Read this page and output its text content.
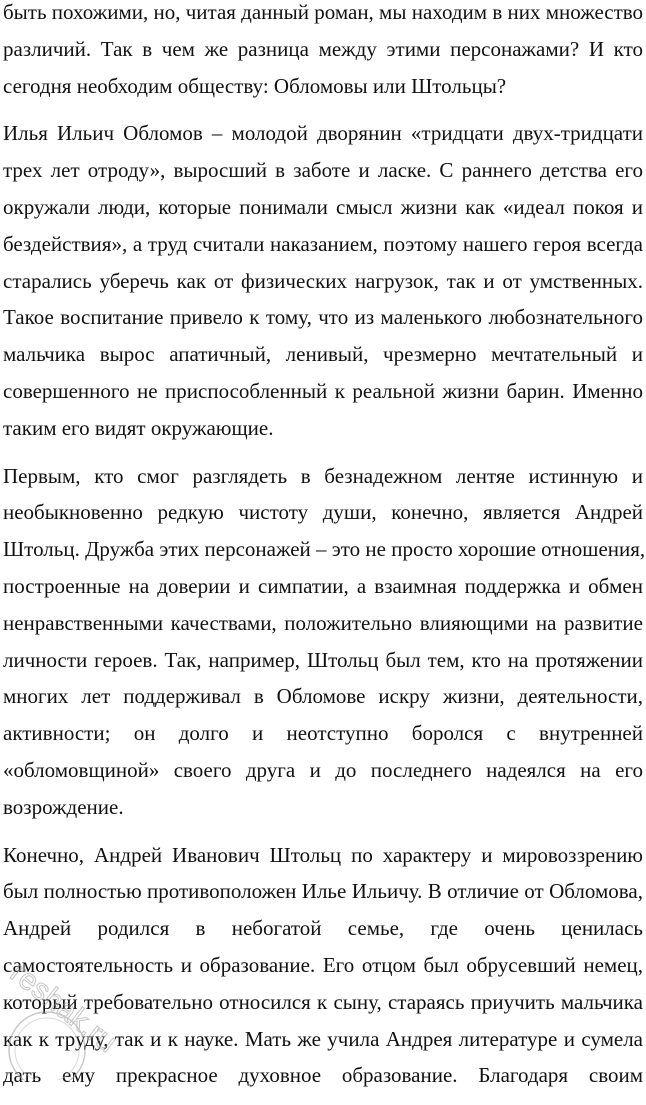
быть похожими, но, читая данный роман, мы находим в них множество
различий. Так в чем же разница между этими персонажами? И кто
сегодня необходим обществу: Обломовы или Штольцы?
Илья Ильич Обломов – молодой дворянин «тридцати двух-тридцати
трех лет отроду», выросший в заботе и ласке. С раннего детства его
окружали люди, которые понимали смысл жизни как «идеал покоя и
бездействия», а труд считали наказанием, поэтому нашего героя всегда
старались уберечь как от физических нагрузок, так и от умственных.
Такое воспитание привело к тому, что из маленького любознательного
мальчика вырос апатичный, ленивый, чрезмерно мечтательный и
совершенного не приспособленный к реальной жизни барин. Именно
таким его видят окружающие.
Первым, кто смог разглядеть в безнадежном лентяе истинную и
необыкновенно редкую чистоту души, конечно, является Андрей
Штольц. Дружба этих персонажей – это не просто хорошие отношения,
построенные на доверии и симпатии, а взаимная поддержка и обмен
ненравственными качествами, положительно влияющими на развитие
личности героев. Так, например, Штольц был тем, кто на протяжении
многих лет поддерживал в Обломове искру жизни, деятельности,
активности; он долго и неотступно боролся с внутренней
«обломовщиной» своего друга и до последнего надеялся на его
возрождение.
Конечно, Андрей Иванович Штольц по характеру и мировоззрению
был полностью противоположен Илье Ильичу. В отличие от Обломова,
Андрей родился в небогатой семье, где очень ценилась
самостоятельность и образование. Его отцом был обрусевший немец,
который требовательно относился к сыну, стараясь приучить мальчика
как к труду, так и к науке. Мать же учила Андрея литературе и сумела
дать ему прекрасное духовное образование. Благодаря своим
reshak.ru
